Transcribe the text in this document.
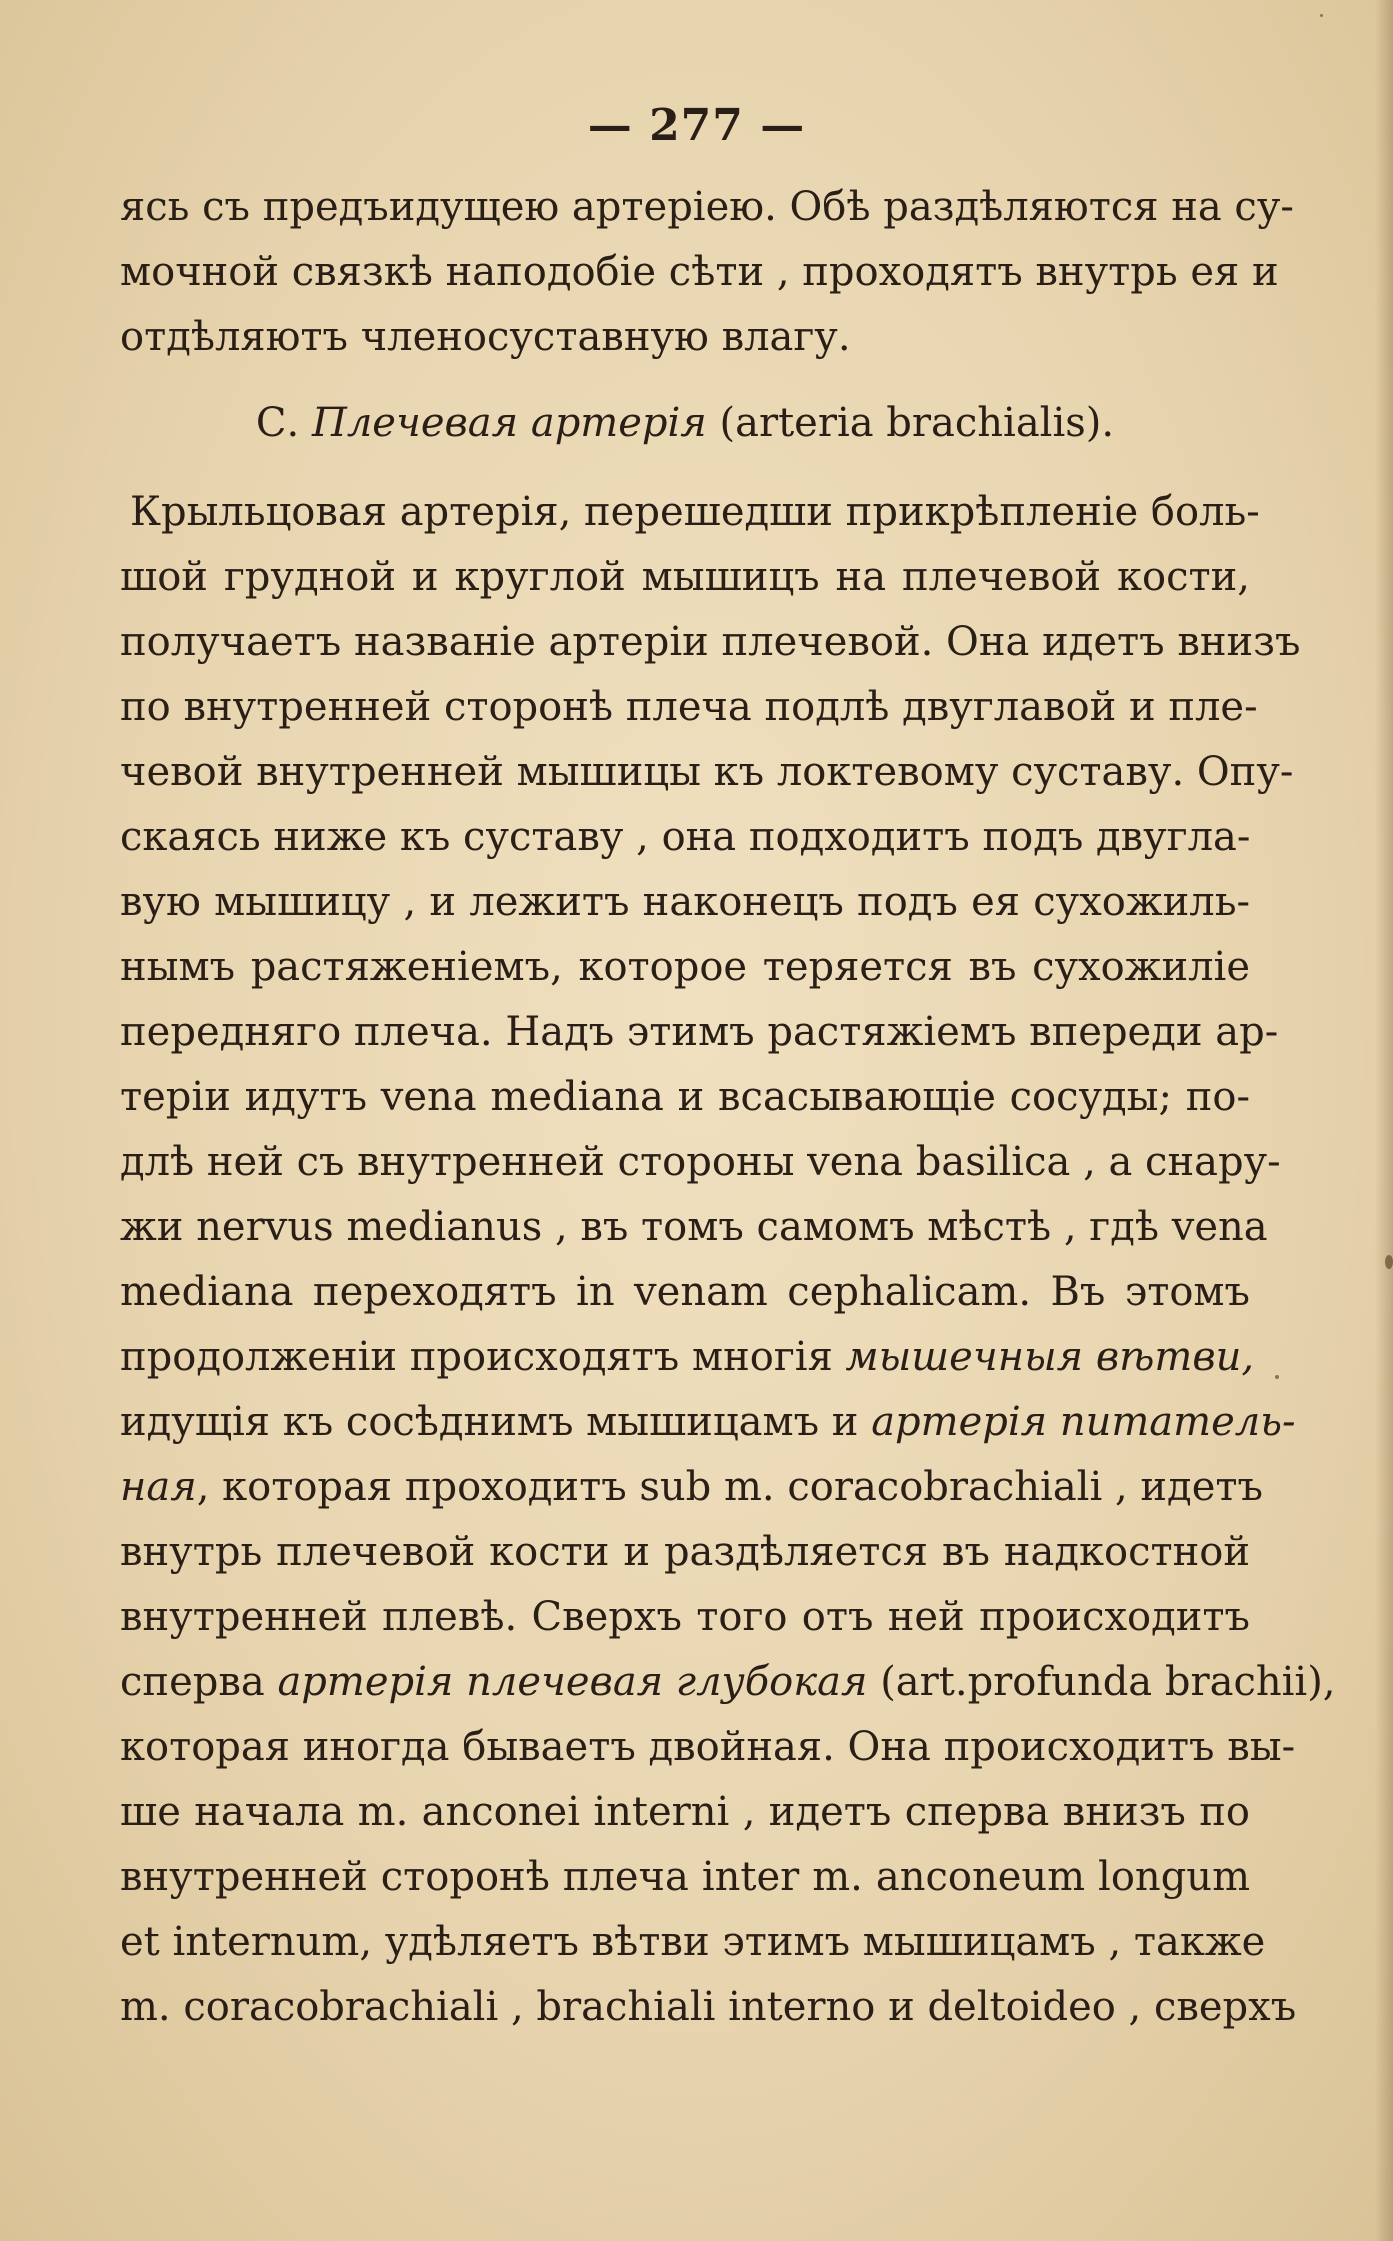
— 277 —
ясь съ предъидущею артеріею. Обѣ раздѣляются на су-
мочной связкѣ наподобіе сѣти , проходятъ внутрь ея и
отдѣляютъ членосуставную влагу.
С. Плечевая артерія (arteria brachialis).
Крыльцовая артерія, перешедши прикрѣпленіе боль-
шой грудной и круглой мышицъ на плечевой кости,
получаетъ названіе артеріи плечевой. Она идетъ внизъ
по внутренней сторонѣ плеча подлѣ двуглавой и пле-
чевой внутренней мышицы къ локтевому суставу. Опу-
скаясь ниже къ суставу , она подходитъ подъ двугла-
вую мышицу , и лежитъ наконецъ подъ ея сухожиль-
нымъ растяженіемъ, которое теряется въ сухожиліе
передняго плеча. Надъ этимъ растяжіемъ впереди ар-
теріи идутъ vena mediana и всасывающіе сосуды; по-
длѣ ней съ внутренней стороны vena basilica , а снару-
жи nervus medianus , въ томъ самомъ мѣстѣ , гдѣ vena
mediana переходятъ in venam cephalicam. Въ этомъ
продолженіи происходятъ многія мышечныя вѣтви,
идущія къ сосѣднимъ мышицамъ и артерія питатель-
ная, которая проходитъ sub m. coracobrachiali , идетъ
внутрь плечевой кости и раздѣляется въ надкостной
внутренней плевѣ. Сверхъ того отъ ней происходитъ
сперва артерія плечевая глубокая (art.profunda brachii),
которая иногда бываетъ двойная. Она происходитъ вы-
ше начала m. anconei interni , идетъ сперва внизъ по
внутренней сторонѣ плеча inter m. anconeum longum
et internum, удѣляетъ вѣтви этимъ мышицамъ , также
m. coracobrachiali , brachiali interno и deltoideo , сверхъ
